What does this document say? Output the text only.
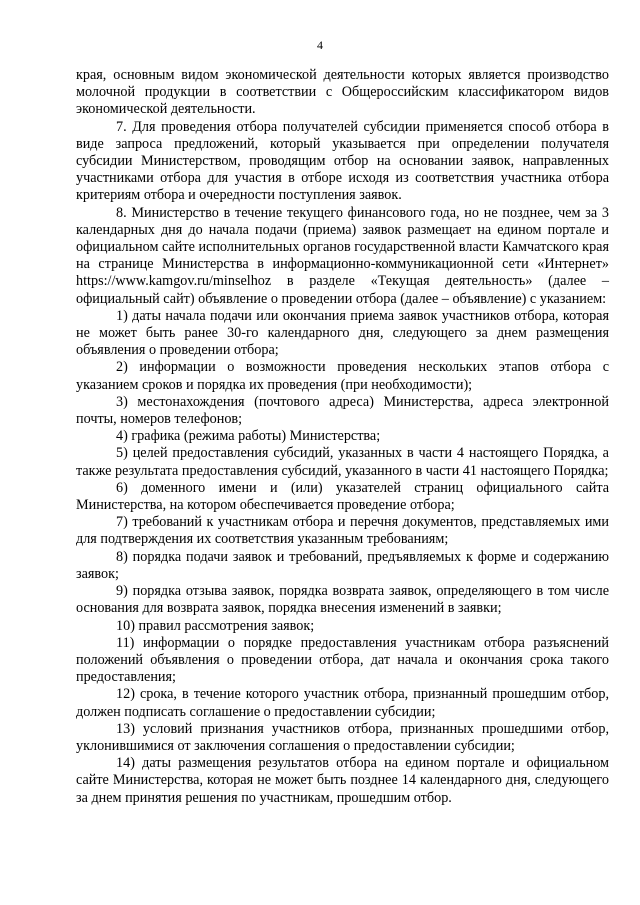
4

края, основным видом экономической деятельности которых является производство молочной продукции в соответствии с Общероссийским классификатором видов экономической деятельности.

7. Для проведения отбора получателей субсидии применяется способ отбора в виде запроса предложений, который указывается при определении получателя субсидии Министерством, проводящим отбор на основании заявок, направленных участниками отбора для участия в отборе исходя из соответствия участника отбора критериям отбора и очередности поступления заявок.

8. Министерство в течение текущего финансового года, но не позднее, чем за 3 календарных дня до начала подачи (приема) заявок размещает на едином портале и официальном сайте исполнительных органов государственной власти Камчатского края на странице Министерства в информационно-коммуникационной сети «Интернет» https://www.kamgov.ru/minselhoz в разделе «Текущая деятельность» (далее – официальный сайт) объявление о проведении отбора (далее – объявление) с указанием:

1) даты начала подачи или окончания приема заявок участников отбора, которая не может быть ранее 30-го календарного дня, следующего за днем размещения объявления о проведении отбора;

2) информации о возможности проведения нескольких этапов отбора с указанием сроков и порядка их проведения (при необходимости);

3) местонахождения (почтового адреса) Министерства, адреса электронной почты, номеров телефонов;

4) графика (режима работы) Министерства;

5) целей предоставления субсидий, указанных в части 4 настоящего Порядка, а также результата предоставления субсидий, указанного в части 41 настоящего Порядка;

6) доменного имени и (или) указателей страниц официального сайта Министерства, на котором обеспечивается проведение отбора;

7) требований к участникам отбора и перечня документов, представляемых ими для подтверждения их соответствия указанным требованиям;

8) порядка подачи заявок и требований, предъявляемых к форме и содержанию заявок;

9) порядка отзыва заявок, порядка возврата заявок, определяющего в том числе основания для возврата заявок, порядка внесения изменений в заявки;

10) правил рассмотрения заявок;

11) информации о порядке предоставления участникам отбора разъяснений положений объявления о проведении отбора, дат начала и окончания срока такого предоставления;

12) срока, в течение которого участник отбора, признанный прошедшим отбор, должен подписать соглашение о предоставлении субсидии;

13) условий признания участников отбора, признанных прошедшими отбор, уклонившимися от заключения соглашения о предоставлении субсидии;

14) даты размещения результатов отбора на едином портале и официальном сайте Министерства, которая не может быть позднее 14 календарного дня, следующего за днем принятия решения по участникам, прошедшим отбор.
